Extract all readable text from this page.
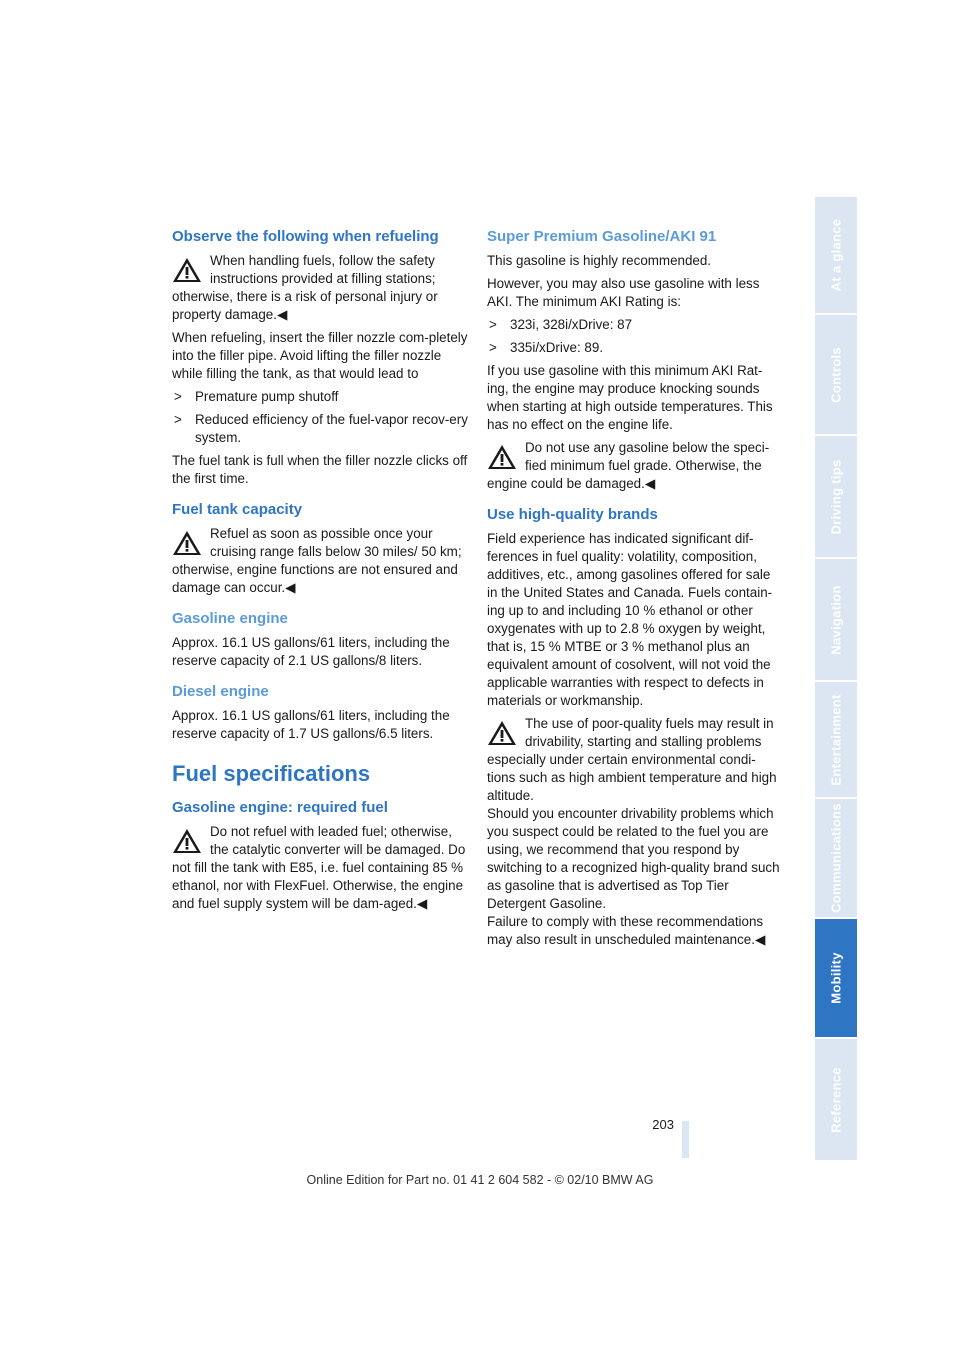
Observe the following when refueling
When handling fuels, follow the safety instructions provided at filling stations; otherwise, there is a risk of personal injury or property damage.◀

When refueling, insert the filler nozzle com-pletely into the filler pipe. Avoid lifting the filler nozzle while filling the tank, as that would lead to

> Premature pump shutoff
> Reduced efficiency of the fuel-vapor recov-ery system.

The fuel tank is full when the filler nozzle clicks off the first time.

Fuel tank capacity
Refuel as soon as possible once your cruising range falls below 30 miles/ 50 km; otherwise, engine functions are not ensured and damage can occur.◀
Gasoline engine

Approx. 16.1 US gallons/61 liters, including the reserve capacity of 2.1 US gallons/8 liters.

Diesel engine

Approx. 16.1 US gallons/61 liters, including the reserve capacity of 1.7 US gallons/6.5 liters.

Fuel specifications
Gasoline engine: required fuel
Do not refuel with leaded fuel; otherwise, the catalytic converter will be damaged. Do not fill the tank with E85, i.e. fuel containing 85 % ethanol, nor with FlexFuel. Otherwise, the engine and fuel supply system will be dam-aged.◀
Super Premium Gasoline/AKI 91

This gasoline is highly recommended.

However, you may also use gasoline with less AKI. The minimum AKI Rating is:

> 323i, 328i/xDrive: 87
> 335i/xDrive: 89.

If you use gasoline with this minimum AKI Rat-ing, the engine may produce knocking sounds when starting at high outside temperatures. This has no effect on the engine life.

Do not use any gasoline below the speci-fied minimum fuel grade. Otherwise, the engine could be damaged.◀
Use high-quality brands

Field experience has indicated significant dif-ferences in fuel quality: volatility, composition, additives, etc., among gasolines offered for sale in the United States and Canada. Fuels contain-ing up to and including 10 % ethanol or other oxygenates with up to 2.8 % oxygen by weight, that is, 15 % MTBE or 3 % methanol plus an equivalent amount of cosolvent, will not void the applicable warranties with respect to defects in materials or workmanship.

The use of poor-quality fuels may result in drivability, starting and stalling problems especially under certain environmental condi-tions such as high ambient temperature and high altitude.

Should you encounter drivability problems which you suspect could be related to the fuel you are using, we recommend that you respond by switching to a recognized high-quality brand such as gasoline that is advertised as Top Tier Detergent Gasoline.

Failure to comply with these recommendations may also result in unscheduled maintenance.◀

At a glance
Controls
Driving tips
Navigation
Entertainment
Communications
Mobility
Reference
203
Online Edition for Part no. 01 41 2 604 582 - © 02/10 BMW AG
